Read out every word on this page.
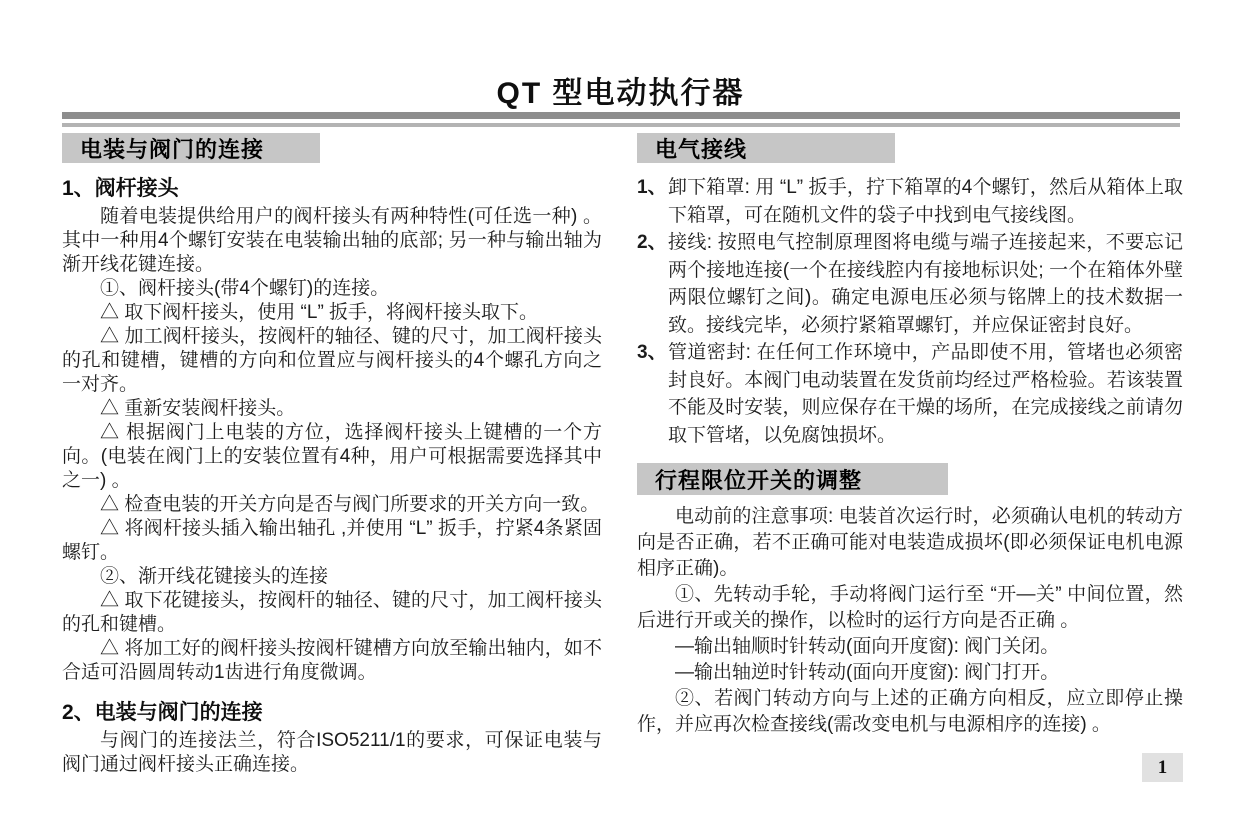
QT 型电动执行器
电装与阀门的连接
1、阀杆接头

随着电装提供给用户的阀杆接头有两种特性(可任选一种) 。其中一种用4个螺钉安装在电装输出轴的底部; 另一种与输出轴为渐开线花键连接。

①、阀杆接头(带4个螺钉)的连接。

△ 取下阀杆接头，使用 “L” 扳手，将阀杆接头取下。

△ 加工阀杆接头，按阀杆的轴径、键的尺寸，加工阀杆接头的孔和键槽，键槽的方向和位置应与阀杆接头的4个螺孔方向之一对齐。

△ 重新安装阀杆接头。

△ 根据阀门上电装的方位，选择阀杆接头上键槽的一个方向。(电装在阀门上的安装位置有4种，用户可根据需要选择其中之一) 。

△ 检查电装的开关方向是否与阀门所要求的开关方向一致。

△ 将阀杆接头插入输出轴孔 ,并使用 “L” 扳手，拧紧4条紧固螺钉。

②、渐开线花键接头的连接

△ 取下花键接头，按阀杆的轴径、键的尺寸，加工阀杆接头的孔和键槽。

△ 将加工好的阀杆接头按阀杆键槽方向放至输出轴内，如不合适可沿圆周转动1齿进行角度微调。

2、电装与阀门的连接

与阀门的连接法兰，符合ISO5211/1的要求，可保证电装与阀门通过阀杆接头正确连接。

电气接线
1、 卸下箱罩: 用 “L” 扳手，拧下箱罩的4个螺钉，然后从箱体上取下箱罩，可在随机文件的袋子中找到电气接线图。
2、 接线: 按照电气控制原理图将电缆与端子连接起来，不要忘记两个接地连接(一个在接线腔内有接地标识处; 一个在箱体外壁两限位螺钉之间)。确定电源电压必须与铭牌上的技术数据一致。接线完毕，必须拧紧箱罩螺钉，并应保证密封良好。
3、 管道密封: 在任何工作环境中，产品即使不用，管堵也必须密封良好。本阀门电动装置在发货前均经过严格检验。若该装置不能及时安装，则应保存在干燥的场所，在完成接线之前请勿取下管堵，以免腐蚀损坏。
行程限位开关的调整

电动前的注意事项: 电装首次运行时，必须确认电机的转动方向是否正确，若不正确可能对电装造成损坏(即必须保证电机电源相序正确)。

①、先转动手轮，手动将阀门运行至 “开—关” 中间位置，然后进行开或关的操作，以检时的运行方向是否正确 。

—输出轴顺时针转动(面向开度窗): 阀门关闭。

—输出轴逆时针转动(面向开度窗): 阀门打开。

②、若阀门转动方向与上述的正确方向相反，应立即停止操作，并应再次检查接线(需改变电机与电源相序的连接) 。

1
